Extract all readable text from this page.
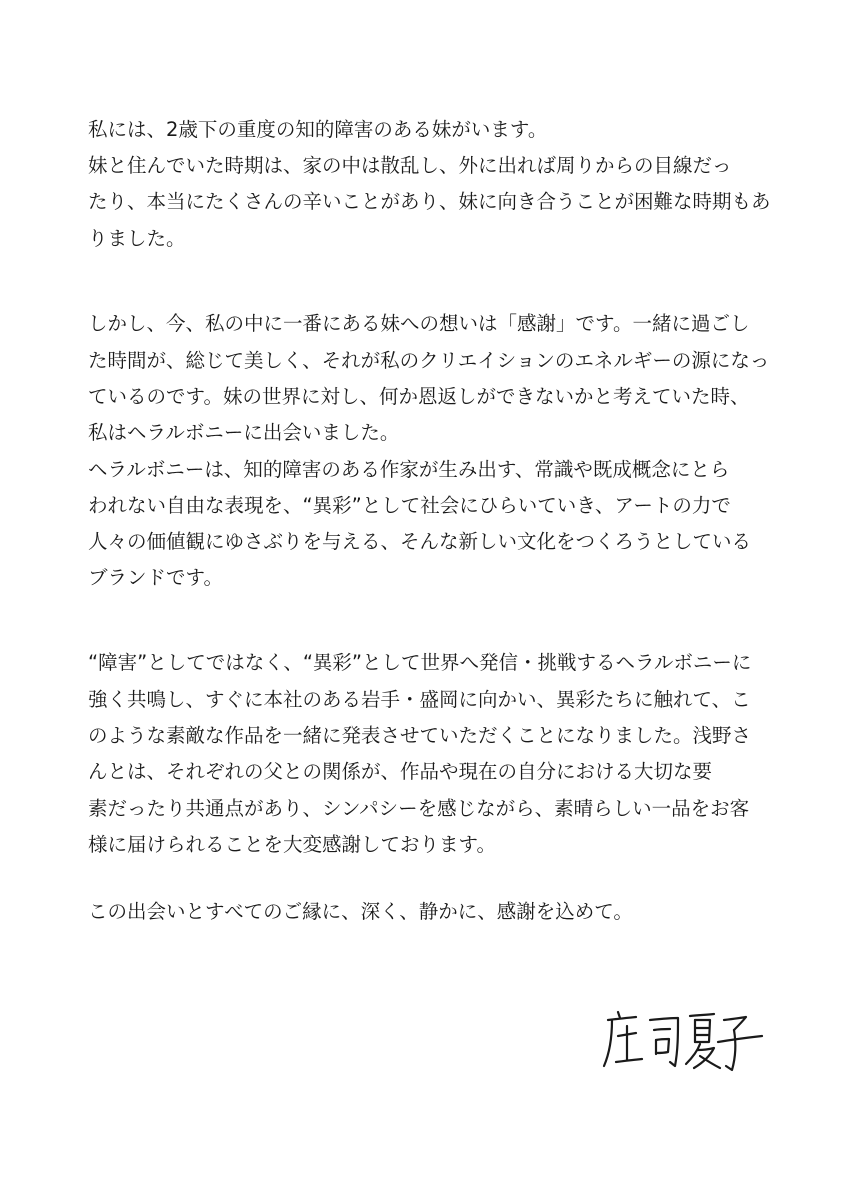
私には、2歳下の重度の知的障害のある妹がいます。
妹と住んでいた時期は、家の中は散乱し、外に出れば周りからの目線だっ
たり、本当にたくさんの辛いことがあり、妹に向き合うことが困難な時期もあ
りました。
しかし、今、私の中に一番にある妹への想いは「感謝」です。一緒に過ごし
た時間が、総じて美しく、それが私のクリエイションのエネルギーの源になっ
ているのです。妹の世界に対し、何か恩返しができないかと考えていた時、
私はヘラルボニーに出会いました。
ヘラルボニーは、知的障害のある作家が生み出す、常識や既成概念にとら
われない自由な表現を、“異彩”として社会にひらいていき、アートの力で
人々の価値観にゆさぶりを与える、そんな新しい文化をつくろうとしている
ブランドです。
“障害”としてではなく、“異彩”として世界へ発信・挑戦するヘラルボニーに
強く共鳴し、すぐに本社のある岩手・盛岡に向かい、異彩たちに触れて、こ
のような素敵な作品を一緒に発表させていただくことになりました。浅野さ
んとは、それぞれの父との関係が、作品や現在の自分における大切な要
素だったり共通点があり、シンパシーを感じながら、素晴らしい一品をお客
様に届けられることを大変感謝しております。
この出会いとすべてのご縁に、深く、静かに、感謝を込めて。
